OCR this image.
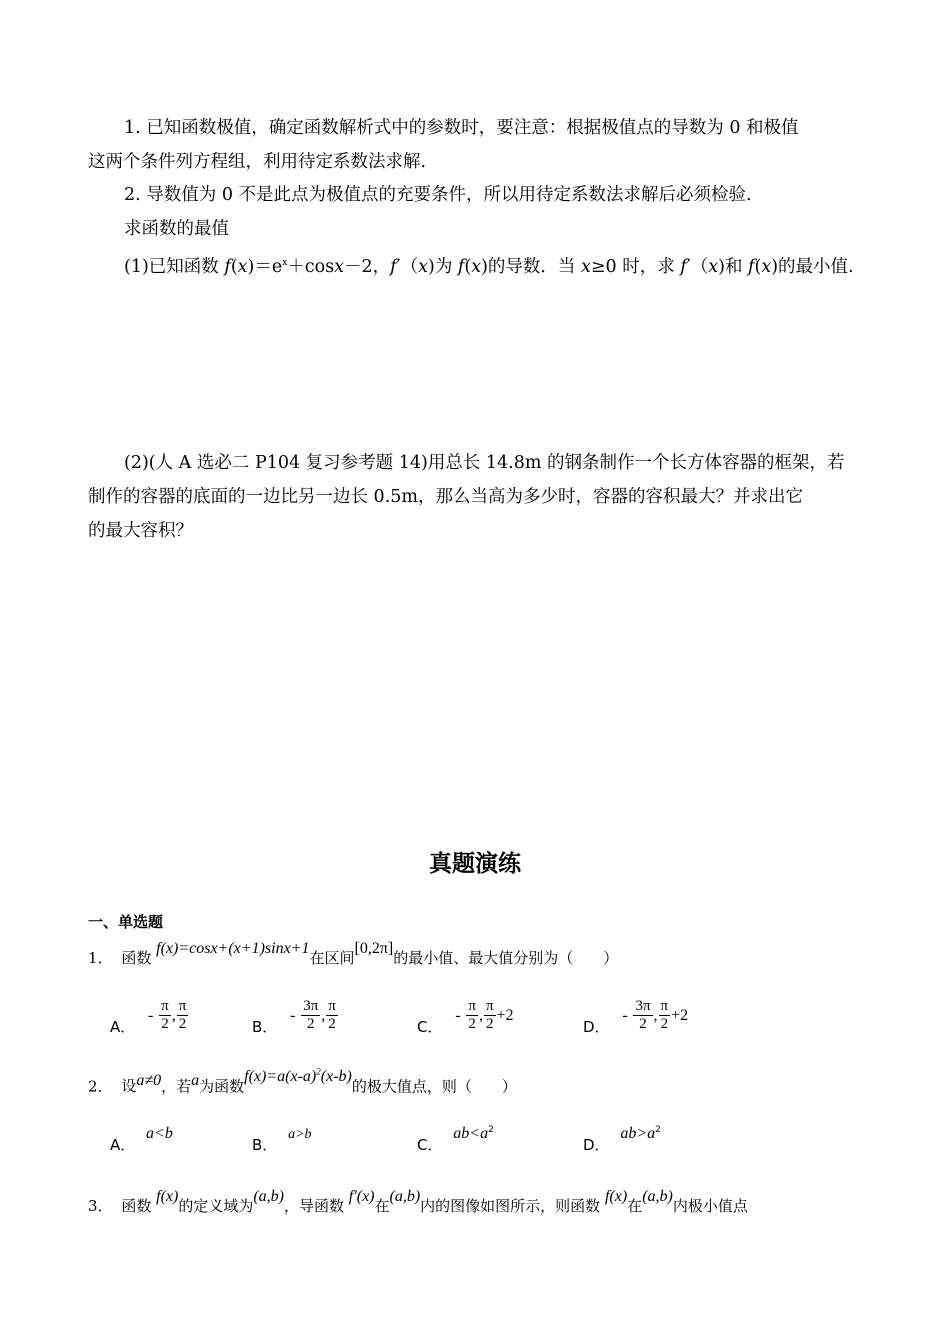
1. 已知函数极值，确定函数解析式中的参数时，要注意：根据极值点的导数为 0 和极值
这两个条件列方程组，利用待定系数法求解.
2. 导数值为 0 不是此点为极值点的充要条件，所以用待定系数法求解后必须检验.
求函数的最值
(1)已知函数 $f(x)=e^x+\cos x-2$，f′（x)为 f(x)的导数．当 x≥0 时，求 f′（x)和 f(x)的最小值.
(2)(人 A 选必二 P104 复习参考题 14)用总长 14.8m 的钢条制作一个长方体容器的框架，若
制作的容器的底面的一边比另一边长 0.5m，那么当高为多少时，容器的容积最大？并求出它
的最大容积？
真题演练
一、单选题
1． 函数 f(x)=cosx+(x+1)sinx+1在区间[0,2π]的最小值、最大值分别为（　　）
A． - $\frac{\pi}{2}$ , $\frac{\pi}{2}$	B． - $\frac{3\pi}{2}$ , $\frac{\pi}{2}$	C． - $\frac{\pi}{2}$ , $\frac{\pi}{2} +2$
D． - $\frac{3\pi}{2}$ , $\frac{\pi}{2} +2$
2． 设a≠0，若a为函数$f(x)=a(x-a)^2(x-b)$的极大值点，则（　　）
A． a<b
B． a>b
C． $ab<a^2$
D． $ab>a^2$
3． 函数 f(x)的定义域为(a,b)，导函数 f′(x)在(a,b)内的图像如图所示，则函数 f(x)在(a,b)内极小值点
